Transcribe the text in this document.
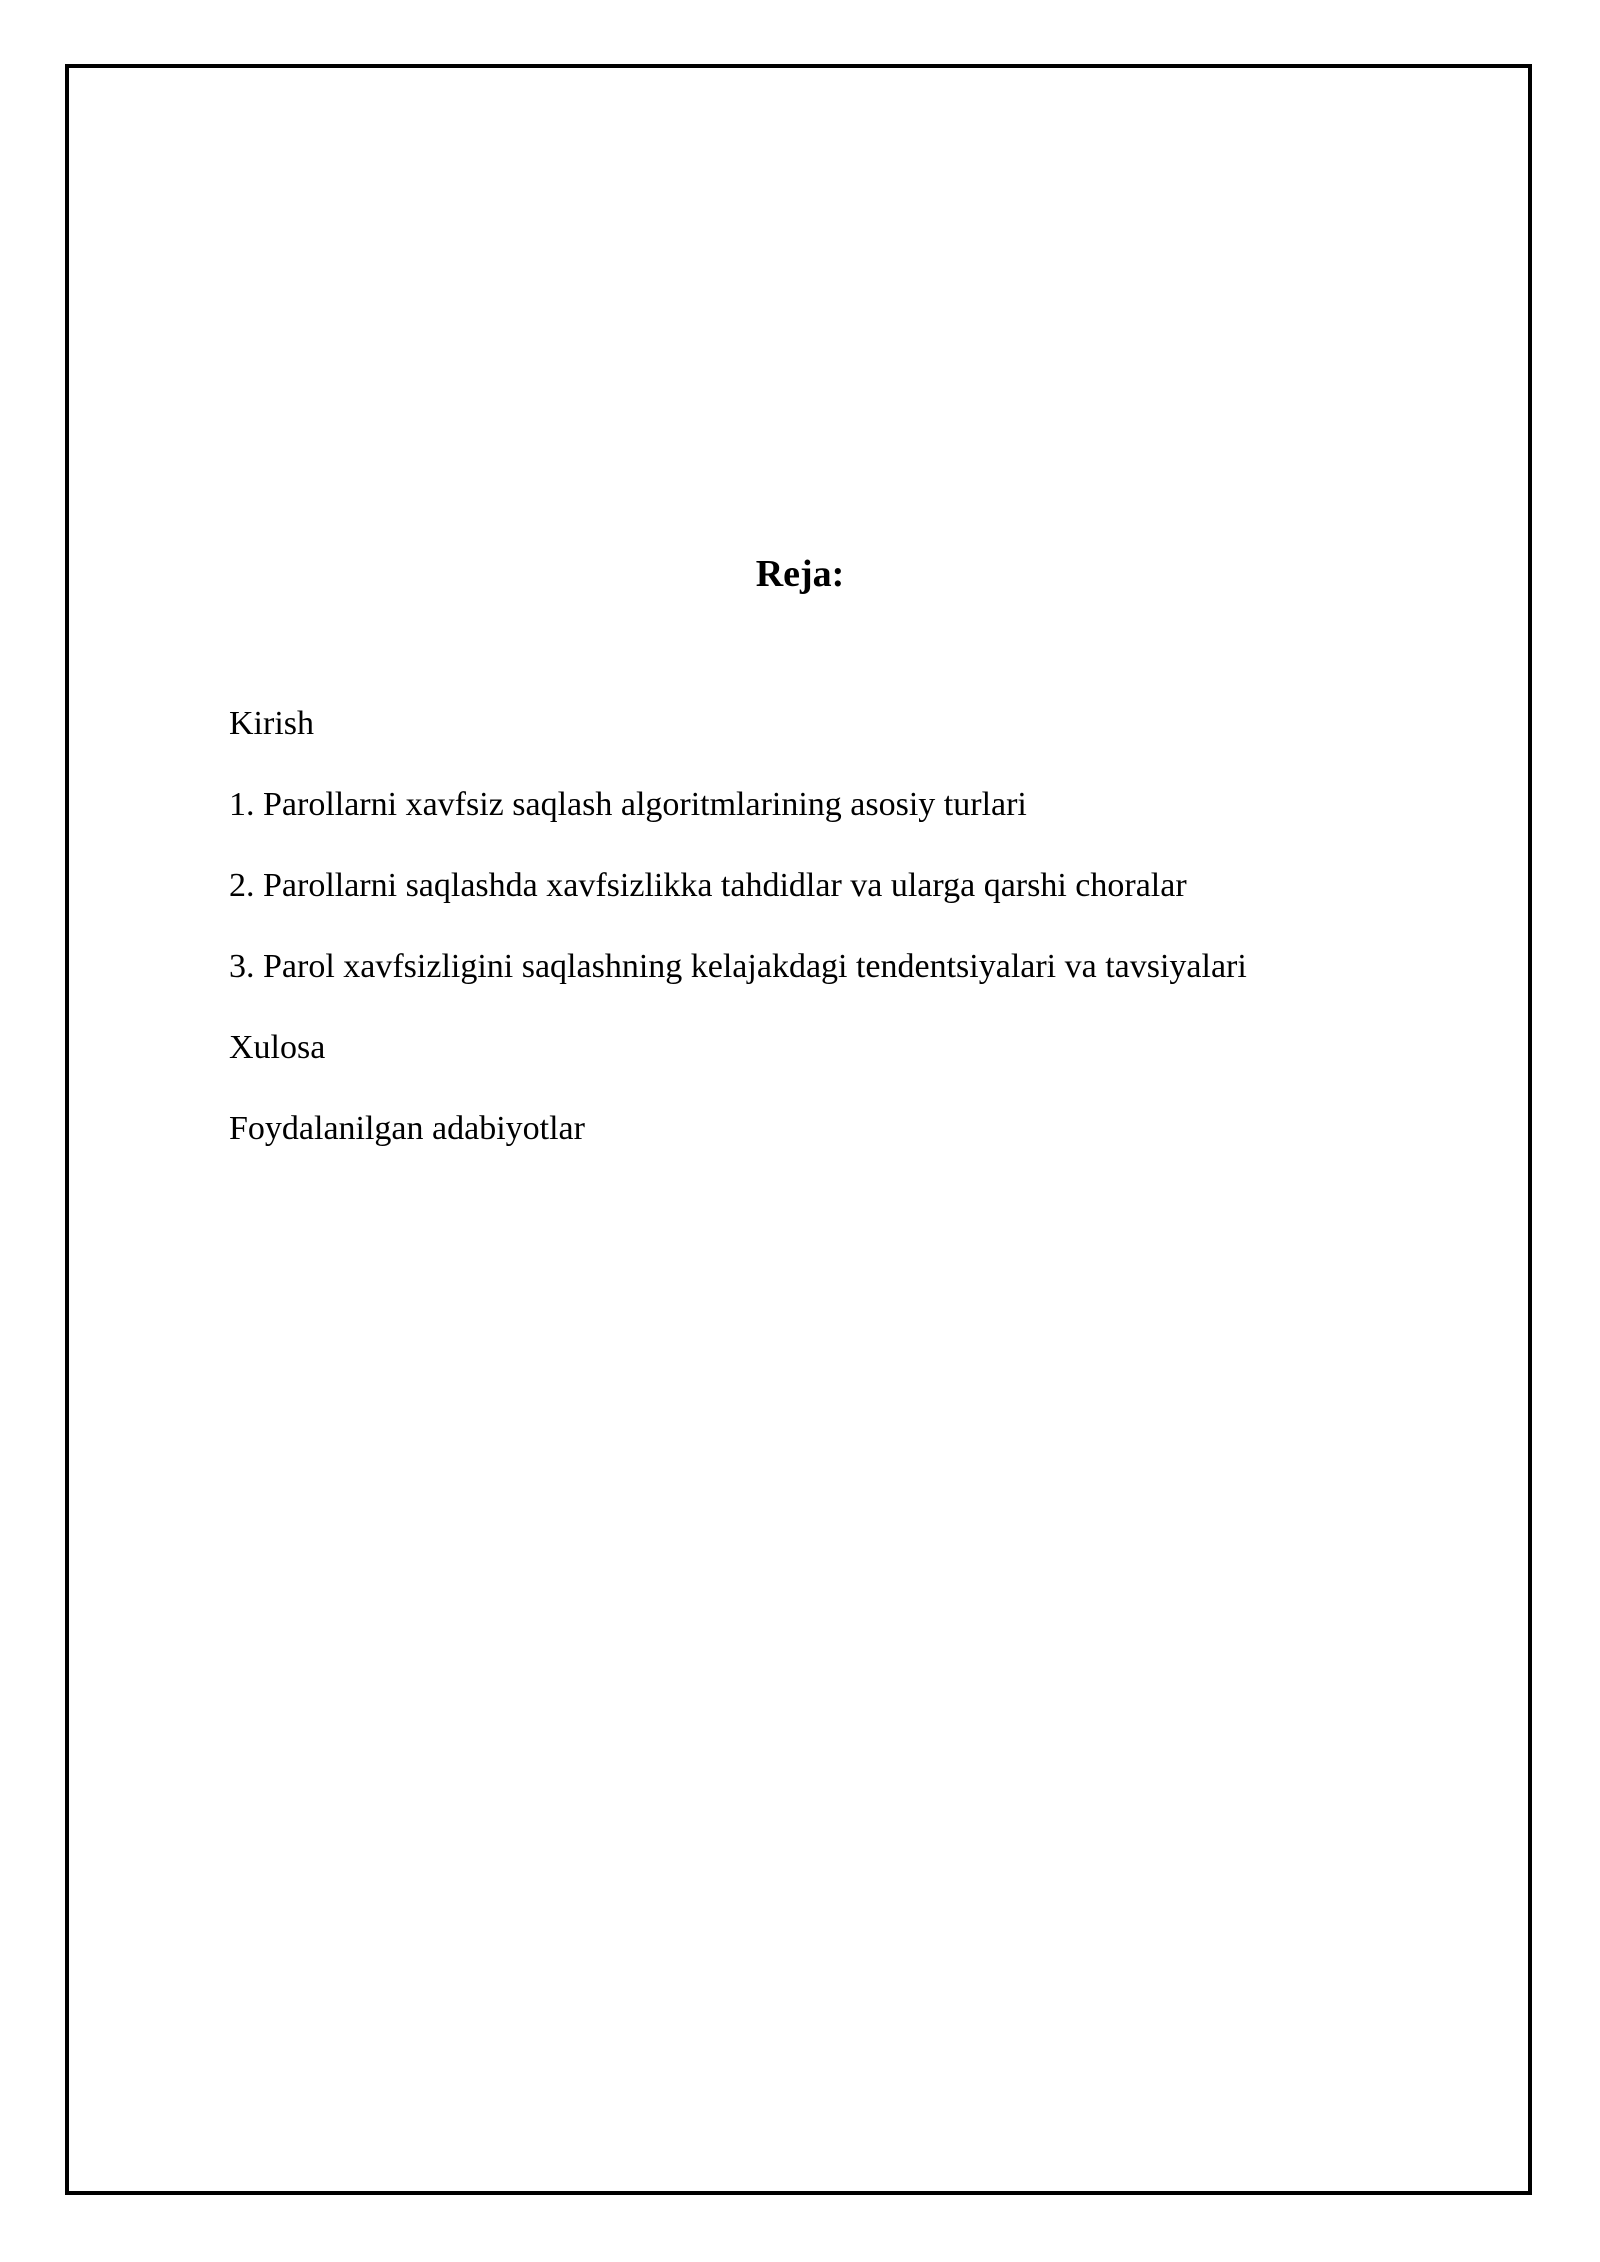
Reja:
Kirish
1. Parollarni xavfsiz saqlash algoritmlarining asosiy turlari
2. Parollarni saqlashda xavfsizlikka tahdidlar va ularga qarshi choralar
3. Parol xavfsizligini saqlashning kelajakdagi tendentsiyalari va tavsiyalari
Xulosa
Foydalanilgan adabiyotlar
